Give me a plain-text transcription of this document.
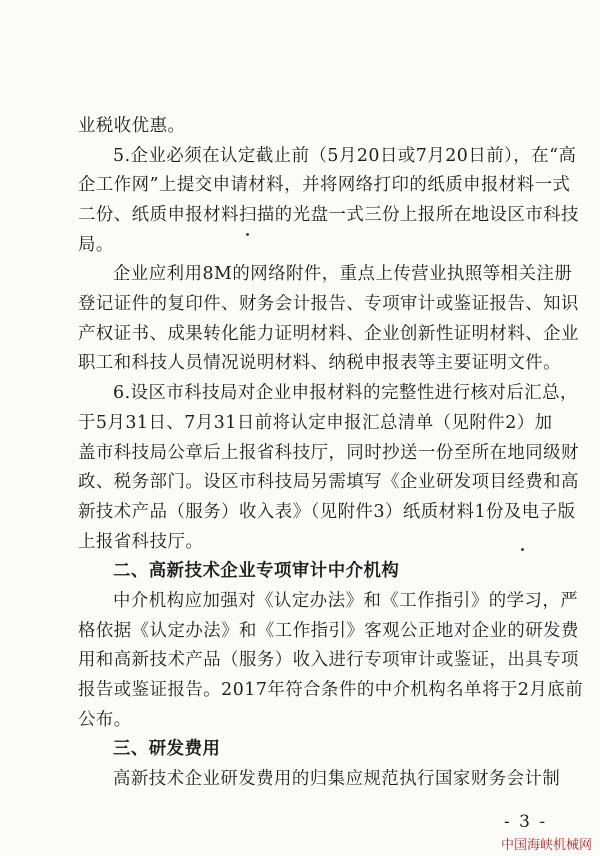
业税收优惠。
5.企业必须在认定截止前（5月20日或7月20日前），在“高
企工作网”上提交申请材料，并将网络打印的纸质申报材料一式
二份、纸质申报材料扫描的光盘一式三份上报所在地设区市科技
局。
企业应利用8M的网络附件，重点上传营业执照等相关注册
登记证件的复印件、财务会计报告、专项审计或鉴证报告、知识
产权证书、成果转化能力证明材料、企业创新性证明材料、企业
职工和科技人员情况说明材料、纳税申报表等主要证明文件。
6.设区市科技局对企业申报材料的完整性进行核对后汇总，
于5月31日、7月31日前将认定申报汇总清单（见附件2）加
盖市科技局公章后上报省科技厅，同时抄送一份至所在地同级财
政、税务部门。设区市科技局另需填写《企业研发项目经费和高
新技术产品（服务）收入表》（见附件3）纸质材料1份及电子版
上报省科技厅。
二、高新技术企业专项审计中介机构
中介机构应加强对《认定办法》和《工作指引》的学习，严
格依据《认定办法》和《工作指引》客观公正地对企业的研发费
用和高新技术产品（服务）收入进行专项审计或鉴证，出具专项
报告或鉴证报告。2017年符合条件的中介机构名单将于2月底前
公布。
三、研发费用
高新技术企业研发费用的归集应规范执行国家财务会计制
- 3 -
中国海峡机械网
